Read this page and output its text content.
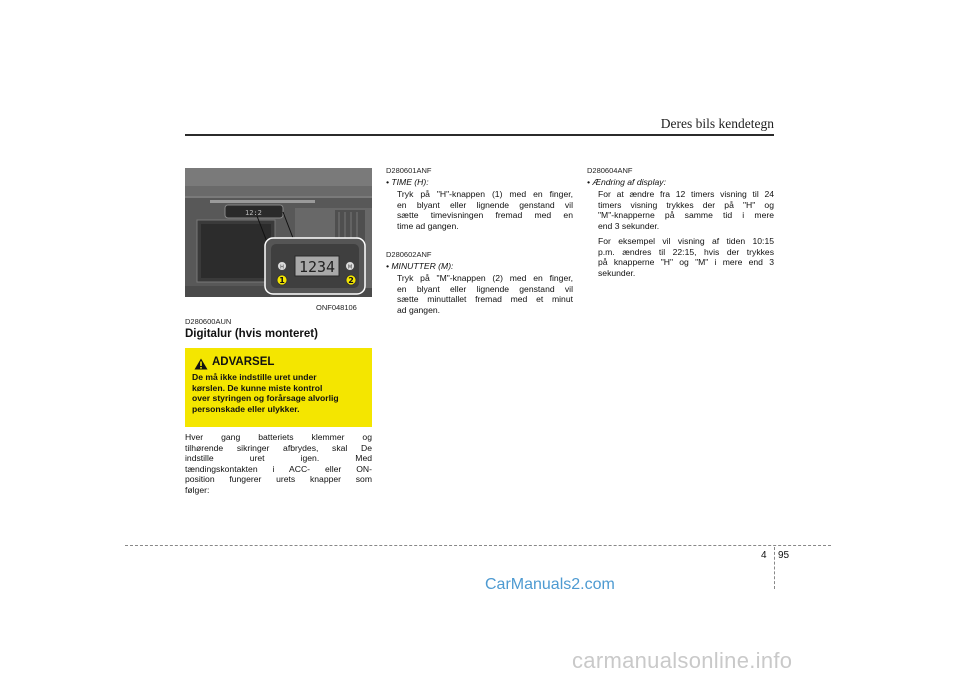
Deres bils kendetegn
12:2
H	M
1234
1	2
ONF048106
D280600AUN
Digitalur (hvis monteret)
ADVARSEL
De må ikke indstille uret under
kørslen. De kunne miste kontrol
over styringen og forårsage alvorlig
personskade eller ulykker.
Hver gang batteriets klemmer og
tilhørende sikringer afbrydes, skal De
indstille uret igen. Med
tændingskontakten i ACC- eller ON-
position fungerer urets knapper som
følger:
D280601ANF
• TIME (H):
Tryk på "H"-knappen (1) med en finger,
en blyant eller lignende genstand vil
sætte timevisningen fremad med en
time ad gangen.
D280602ANF
• MINUTTER (M):
Tryk på "M"-knappen (2) med en finger,
en blyant eller lignende genstand vil
sætte minuttallet fremad med et minut
ad gangen.
D280604ANF
• Ændring af display:
For at ændre fra 12 timers visning til 24
timers visning trykkes der på "H" og
"M"-knapperne på samme tid i mere
end 3 sekunder.
For eksempel vil visning af tiden 10:15
p.m. ændres til 22:15, hvis der trykkes
på knapperne "H" og "M" i mere end 3
sekunder.
4 95
CarManuals2.com
carmanualsonline.info
